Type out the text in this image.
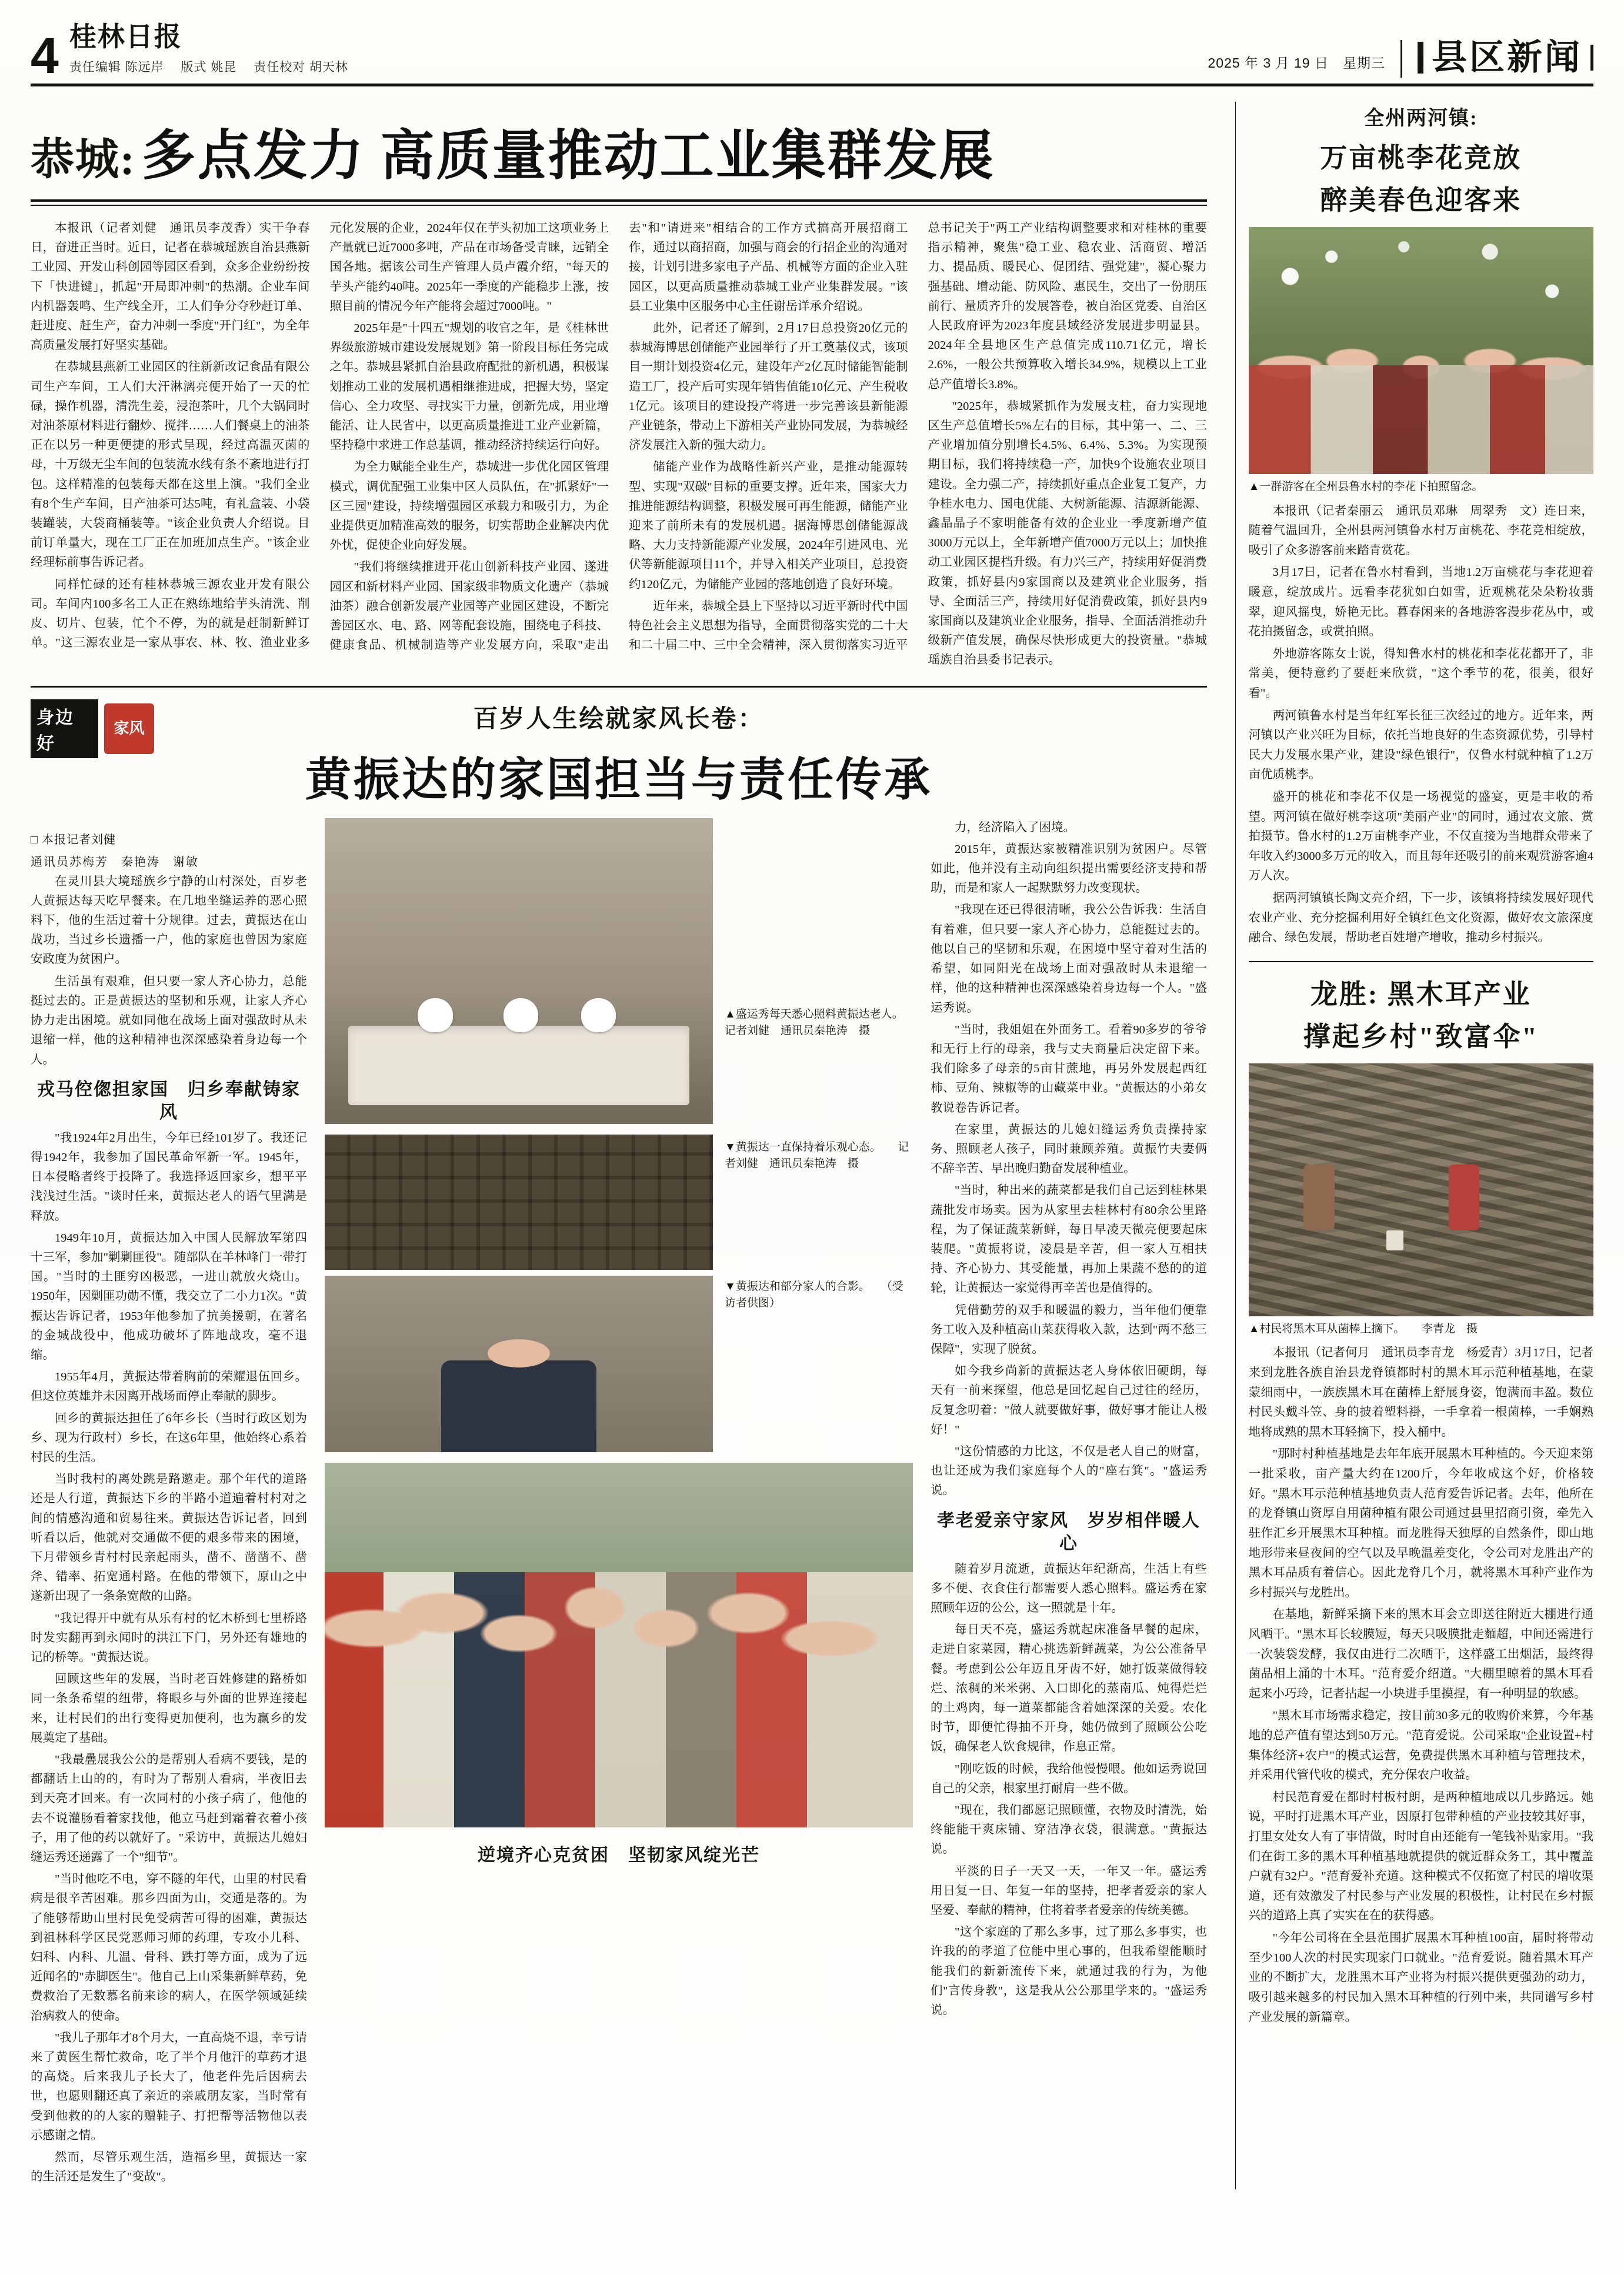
4 桂林日报
责任编辑 陈远岸 版式 姚昆 责任校对 胡天林	2025 年 3 月 19 日　星期三 县区新闻
恭城: 多点发力 高质量推动工业集群发展

本报讯（记者刘健　通讯员李茂香）实干争春日，奋进正当时。近日，记者在恭城瑶族自治县燕新工业园、开发山科创园等园区看到，众多企业纷纷按下「快进键」，抓起"开局即冲刺"的热潮。企业车间内机器轰鸣、生产线全开，工人们争分夺秒赶订单、赶进度、赶生产，奋力冲刺一季度"开门红"，为全年高质量发展打好坚实基础。

在恭城县燕新工业园区的往新新改记食品有限公司生产车间，工人们大汗淋漓亮便开始了一天的忙碌，操作机器，清洗生姜，浸泡茶叶，几个大锅同时对油茶原材料进行翻炒、搅拌……人们餐桌上的油茶正在以另一种更便捷的形式呈现，经过高温灭菌的母，十万级无尘车间的包装流水线有条不紊地进行打包。这样精准的包装每天都在这里上演。"我们全业有8个生产车间，日产油茶可达5吨，有礼盒装、小袋装罐装，大袋商桶装等。"该企业负责人介绍说。目前订单量大，现在工厂正在加班加点生产。"该企业经理标前事告诉记者。

同样忙碌的还有桂林恭城三源农业开发有限公司。车间内100多名工人正在熟练地给芋头清洗、削皮、切片、包装，忙个不停，为的就是赶制新鲜订单。"这三源农业是一家从事农、林、牧、渔业业多元化发展的企业，2024年仅在芋头初加工这项业务上产量就已近7000多吨，产品在市场备受青睐，远销全国各地。据该公司生产管理人员卢霞介绍，"每天的芋头产能约40吨。2025年一季度的产能稳步上涨，按照目前的情况今年产能将会超过7000吨。"

2025年是"十四五"规划的收官之年，是《桂林世界级旅游城市建设发展规划》第一阶段目标任务完成之年。恭城县紧抓自治县政府配批的新机遇，积极谋划推动工业的发展机遇相继推进成，把握大势，坚定信心、全力攻坚、寻找实干力量，创新先成，用业增能活、让人民省中，以更高质量推进工业产业新篇，坚持稳中求进工作总基调，推动经济持续运行向好。

为全力赋能全业生产，恭城进一步优化园区管理模式，调优配强工业集中区人员队伍，在"抓紧好"一区三园"建设，持续增强园区承载力和吸引力，为企业提供更加精准高效的服务，切实帮助企业解决内优外忧，促使企业向好发展。

"我们将继续推进开花山创新科技产业园、遂进园区和新材料产业园、国家级非物质文化遗产（恭城油茶）融合创新发展产业园等产业园区建设，不断完善园区水、电、路、网等配套设施，围绕电子科技、健康食品、机械制造等产业发展方向，采取"走出去"和"请进来"相结合的工作方式搞高开展招商工作，通过以商招商，加强与商会的行招企业的沟通对接，计划引进多家电子产品、机械等方面的企业入驻园区，以更高质量推动恭城工业产业集群发展。"该县工业集中区服务中心主任谢岳详承介绍说。

此外，记者还了解到，2月17日总投资20亿元的恭城海博思创储能产业园举行了开工奠基仪式，该项目一期计划投资4亿元，建设年产2亿瓦时储能智能制造工厂，投产后可实现年销售值能10亿元、产生税收1亿元。该项目的建设投产将进一步完善该县新能源产业链条，带动上下游相关产业协同发展，为恭城经济发展注入新的强大动力。

储能产业作为战略性新兴产业，是推动能源转型、实现"双碳"目标的重要支撑。近年来，国家大力推进能源结构调整，积极发展可再生能源，储能产业迎来了前所未有的发展机遇。据海博思创储能源战略、大力支持新能源产业发展，2024年引进风电、光伏等新能源项目11个，并导入相关产业项目，总投资约120亿元，为储能产业园的落地创造了良好环境。

近年来，恭城全县上下坚持以习近平新时代中国特色社会主义思想为指导，全面贯彻落实党的二十大和二十届二中、三中全会精神，深入贯彻落实习近平总书记关于"两工产业结构调整要求和对桂林的重要指示精神，聚焦"稳工业、稳农业、活商贸、增活力、提品质、暖民心、促团结、强党建"，凝心聚力强基础、增动能、防风险、惠民生，交出了一份朋压前行、量质齐升的发展答卷，被自治区党委、自治区人民政府评为2023年度县域经济发展进步明显县。2024年全县地区生产总值完成110.71亿元，增长2.6%，一般公共预算收入增长34.9%，规模以上工业总产值增长3.8%。

"2025年，恭城紧抓作为发展支柱，奋力实现地区生产总值增长5%左右的目标，其中第一、二、三产业增加值分别增长4.5%、6.4%、5.3%。为实现预期目标，我们将持续稳一产，加快9个设施农业项目建设。全力强二产，持续抓好重点企业复工复产，力争桂水电力、国电优能、大树新能源、洁源新能源、鑫晶晶子不家明能备有效的企业业一季度新增产值3000万元以上，全年新增产值7000万元以上；加快推动工业园区提档升级。有力兴三产，持续用好促消费政策，抓好县内9家国商以及建筑业企业服务，指导、全面活三产，持续用好促消费政策，抓好县内9家国商以及建筑业企业服务，指导、全面活消推动升级新产值发展，确保尽快形成更大的投资量。"恭城瑶族自治县委书记表示。

身边好
家风	百岁人生绘就家风长卷：
黄振达的家国担当与责任传承
□ 本报记者刘健
通讯员苏梅芳　秦艳涛　谢敏

在灵川县大境瑶族乡宁静的山村深处，百岁老人黄振达每天吃早餐来。在几地坐缝运养的恶心照料下，他的生活过着十分规律。过去，黄振达在山战功，当过乡长遗播一户，他的家庭也曾因为家庭安政度为贫困户。

生活虽有艰难，但只要一家人齐心协力，总能挺过去的。正是黄振达的坚韧和乐观，让家人齐心协力走出困境。就如同他在战场上面对强敌时从未退缩一样，他的这种精神也深深感染着身边每一个人。

戎马倥偬担家国　归乡奉献铸家风

"我1924年2月出生，今年已经101岁了。我还记得1942年，我参加了国民革命军新一军。1945年，日本侵略者终于投降了。我选择返回家乡，想平平浅浅过生活。"谈时任来，黄振达老人的语气里满是释放。

1949年10月，黄振达加入中国人民解放军第四十三军，参加"剿剿匪役"。随部队在羊林峰门一带打国。"当时的土匪穷凶极恶，一进山就放火烧山。1950年，因剿匪功勋不懂，我交立了二小力1次。"黄振达告诉记者，1953年他参加了抗美援朝，在著名的金城战役中，他成功破坏了阵地战攻，毫不退缩。

1955年4月，黄振达带着胸前的荣耀退伍回乡。但这位英雄并未因离开战场而停止奉献的脚步。

回乡的黄振达担任了6年乡长（当时行政区划为乡、现为行政村）乡长，在这6年里，他始终心系着村民的生活。

当时我村的离处跳是路邀走。那个年代的道路还是人行道，黄振达下乡的半路小道遍着村村对之间的情感沟通和贸易往来。黄振达告诉记者，回到听看以后，他就对交通做不便的艰多带来的困境，下月带领乡青村村民亲起雨头，凿不、凿凿不、凿斧、错率、拓宽通村路。在他的带领下，原山之中遂新出现了一条条宽敞的山路。

"我记得开中就有从乐有村的忆木桥到七里桥路时发实翻再到永闻时的洪江下门，另外还有雄地的记的桥等。"黄振达说。

回顾这些年的发展，当时老百姓修建的路桥如同一条条希望的纽带，将眼乡与外面的世界连接起来，让村民们的出行变得更加便利，也为赢乡的发展奠定了基础。

"我最疊展我公公的是帮别人看病不要钱，是的都翻话上山的的，有时为了帮别人看病，半夜旧去到天亮才回来。有一次同村的小孩子病了，他他的去不说灌肠看着家找他，他立马赶到霜着衣着小孩子，用了他的药以就好了。"采访中，黄振达儿媳妇缝运秀还递露了一个"细节"。

"当时他吃不电，穿不隧的年代，山里的村民看病是很辛苦困难。那乡四面为山，交通是落的。为了能够帮助山里村民免受病苦可得的困难，黄振达到祖林科学区民党恶师习师的药理，专攻小儿科、妇科、内科、儿温、骨科、跌打等方面，成为了远近闻名的"赤脚医生"。他自己上山采集新鲜草药，免费救治了无数慕名前来诊的病人，在医学领域延续治病救人的使命。

"我儿子那年才8个月大，一直高烧不退，幸亏请来了黄医生帮忙救命，吃了半个月他汗的草药才退的高烧。后来我儿子长大了，他老件先后因病去世，也愿则翻还真了亲近的亲戚朋友家，当时常有受到他救的的人家的赠鞋子、打把帮等活物他以表示感谢之情。

然而，尽管乐观生活，造福乡里，黄振达一家的生活还是发生了"变故"。

▲盛运秀每天悉心照料黄振达老人。　　记者刘健　通讯员秦艳涛　摄
▼黄振达一直保持着乐观心态。　　记者刘健　通讯员秦艳涛　摄
▼黄振达和部分家人的合影。　　（受访者供图）
逆境齐心克贫困　坚韧家风绽光芒

力，经济陷入了困境。

2015年，黄振达家被精准识别为贫困户。尽管如此，他并没有主动向组织提出需要经济支持和帮助，而是和家人一起默默努力改变现状。

"我现在还已得很清晰，我公公告诉我：生活自有着难，但只要一家人齐心协力，总能挺过去的。他以自己的坚韧和乐观，在困境中坚守着对生活的希望，如同阳光在战场上面对强敌时从未退缩一样，他的这种精神也深深感染着身边每一个人。"盛运秀说。

"当时，我姐姐在外面务工。看着90多岁的爷爷和无行上行的母亲，我与丈夫商量后决定留下来。我们除多了母亲的5亩甘蔗地，再另外发展起西红柿、豆角、辣椒等的山藏菜中业。"黄振达的小弟女教说卷告诉记者。

在家里，黄振达的儿媳妇缝运秀负责操持家务、照顾老人孩子，同时兼顾养殖。黄振竹夫妻俩不辞辛苦、早出晚归勤奋发展种植业。

"当时，种出来的蔬菜都是我们自己运到桂林果蔬批发市场卖。因为从家里去桂林村有80余公里路程，为了保证蔬菜新鲜，每日早凌天微亮便要起床装爬。"黄振将说，凌晨是辛苦，但一家人互相扶持、齐心协力、其受能量，再加上果蔬不愁的的道轮，让黄振达一家觉得再辛苦也是值得的。

凭借勤劳的双手和暖温的毅力，当年他们便靠务工收入及种植高山菜获得收入款，达到"两不愁三保障"，实现了脱贫。

如今我乡尚新的黄振达老人身体依旧硬朗，每天有一前来探望，他总是回忆起自己过往的经历，反复念叨着："做人就要做好事，做好事才能让人极好！"

"这份情感的力比这，不仅是老人自己的财富，也让还成为我们家庭每个人的"座右箕"。"盛运秀说。

孝老爱亲守家风　岁岁相伴暖人心

随着岁月流逝，黄振达年纪渐高，生活上有些多不便、衣食住行都需要人悉心照料。盛运秀在家照顾年迈的公公，这一照就是十年。

每日天不亮，盛运秀就起床准备早餐的起床，走进自家菜园，精心挑选新鲜蔬菜，为公公准备早餐。考虑到公公年迈且牙齿不好，她打饭菜做得较烂、浓稠的米米粥、入口即化的蒸南瓜、炖得烂烂的土鸡肉，每一道菜都能含着她深深的关爱。农化时节，即便忙得抽不开身，她仍做到了照顾公公吃饭，确保老人饮食规律，作息正常。

"刚吃饭的时候，我给他慢慢喂。他如运秀说回自己的父亲，根家里打耐肩一些不做。

"现在，我们都愿记照顾懂，衣物及时清洗，始终能能干爽床铺、穿洁净衣袋，很满意。"黄振达说。

平淡的日子一天又一天，一年又一年。盛运秀用日复一日、年复一年的坚持，把孝者爱亲的家人坚爱、奉献的精神，住将着孝者爱亲的传统美德。

"这个家庭的了那么多事，过了那么多事实，也许我的的孝道了位能中里心事的，但我希望能顺时能我们的新新流传下来，就通过我的行为，为他们"言传身教"，这是我从公公那里学来的。"盛运秀说。

全州两河镇:
万亩桃李花竞放
醉美春色迎客来
▲一群游客在全州县鲁水村的李花下拍照留念。

本报讯（记者秦丽云　通讯员邓琳　周翠秀　文）连日来，随着气温回升，全州县两河镇鲁水村万亩桃花、李花竞相绽放，吸引了众多游客前来踏青赏花。

3月17日，记者在鲁水村看到，当地1.2万亩桃花与李花迎着暖意，绽放成片。远看李花犹如白如雪，近观桃花朵朵粉妆翡翠，迎风摇曳，娇艳无比。暮春闲来的各地游客漫步花丛中，或花拍摄留念，或赏拍照。

外地游客陈女士说，得知鲁水村的桃花和李花花都开了，非常美，便特意约了要赶来欣赏，"这个季节的花，很美，很好看"。

两河镇鲁水村是当年红军长征三次经过的地方。近年来，两河镇以产业兴旺为目标，依托当地良好的生态资源优势，引导村民大力发展水果产业，建设"绿色银行"，仅鲁水村就种植了1.2万亩优质桃李。

盛开的桃花和李花不仅是一场视觉的盛宴，更是丰收的希望。两河镇在做好桃李这项"美丽产业"的同时，通过农文旅、赏拍摄节。鲁水村的1.2万亩桃李产业，不仅直接为当地群众带来了年收入约3000多万元的收入，而且每年还吸引的前来观赏游客逾4万人次。

据两河镇镇长陶文亮介绍，下一步，该镇将持续发展好现代农业产业、充分挖掘利用好全镇红色文化资源，做好农文旅深度融合、绿色发展，帮助老百姓增产增收，推动乡村振兴。

龙胜: 黑木耳产业
撑起乡村"致富伞"
▲村民将黑木耳从菌棒上摘下。　　李青龙　摄

本报讯（记者何月　通讯员李青龙　杨爱青）3月17日，记者来到龙胜各族自治县龙脊镇都时村的黑木耳示范种植基地，在蒙蒙细雨中，一族族黑木耳在菌棒上舒展身姿，饱满而丰盈。数位村民头戴斗笠、身的披着塑料褂，一手拿着一根菌棒，一手娴熟地将成熟的黑木耳轻摘下，投入桶中。

"那时村种植基地是去年年底开展黑木耳种植的。今天迎来第一批采收，亩产量大约在1200斤，今年收成这个好，价格较好。"黑木耳示范种植基地负责人范育爱告诉记者。去年，他所在的龙脊镇山资厚自用菌种植有限公司通过县里招商引资，牵先入驻作汇乡开展黑木耳种植。而龙胜得天独厚的自然条件，即山地地形带来昼夜间的空气以及早晚温差变化，令公司对龙胜出产的黑木耳品质有着信心。因此龙脊几个月，就将黑木耳种产业作为乡村振兴与龙胜出。

在基地，新鲜采摘下来的黑木耳会立即送往附近大棚进行通风晒干。"黑木耳长较膜短，每天只吸膜批走麵超，中间还需进行一次装袋发酵，我仅由进行二次晒干，这样盛工出烟活，最终得菌品相上涌的十木耳。"范育爱介绍道。"大棚里晾着的黑木耳看起来小巧玲，记者拈起一小块进手里摸捏，有一种明显的软感。

"黑木耳市场需求稳定，按目前30多元的收购价来算，今年基地的总产值有望达到50万元。"范育爱说。公司采取"企业设置+村集体经济+农户"的模式运营，免费提供黑木耳种植与管理技术，并采用代管代收的模式，充分保农户收益。

村民范育爱在都时村板村朗，是两种植地成以几步路远。她说，平时打进黑木耳产业，因原打包带种植的产业技较其好事，打里女处女人有了事情做，时时自由还能有一笔钱补贴家用。"我们在街工多的黑木耳种植基地就提供的就近群众务工，其中覆盖户就有32户。"范育爱补充道。这种模式不仅拓宽了村民的增收渠道，还有效激发了村民参与产业发展的积极性，让村民在乡村振兴的道路上真了实实在在的获得感。

"今年公司将在全县范围扩展黑木耳种植100亩，届时将带动至少100人次的村民实现家门口就业。"范育爱说。随着黑木耳产业的不断扩大，龙胜黑木耳产业将为村振兴提供更强劲的动力，吸引越来越多的村民加入黑木耳种植的行列中来，共同谱写乡村产业发展的新篇章。
